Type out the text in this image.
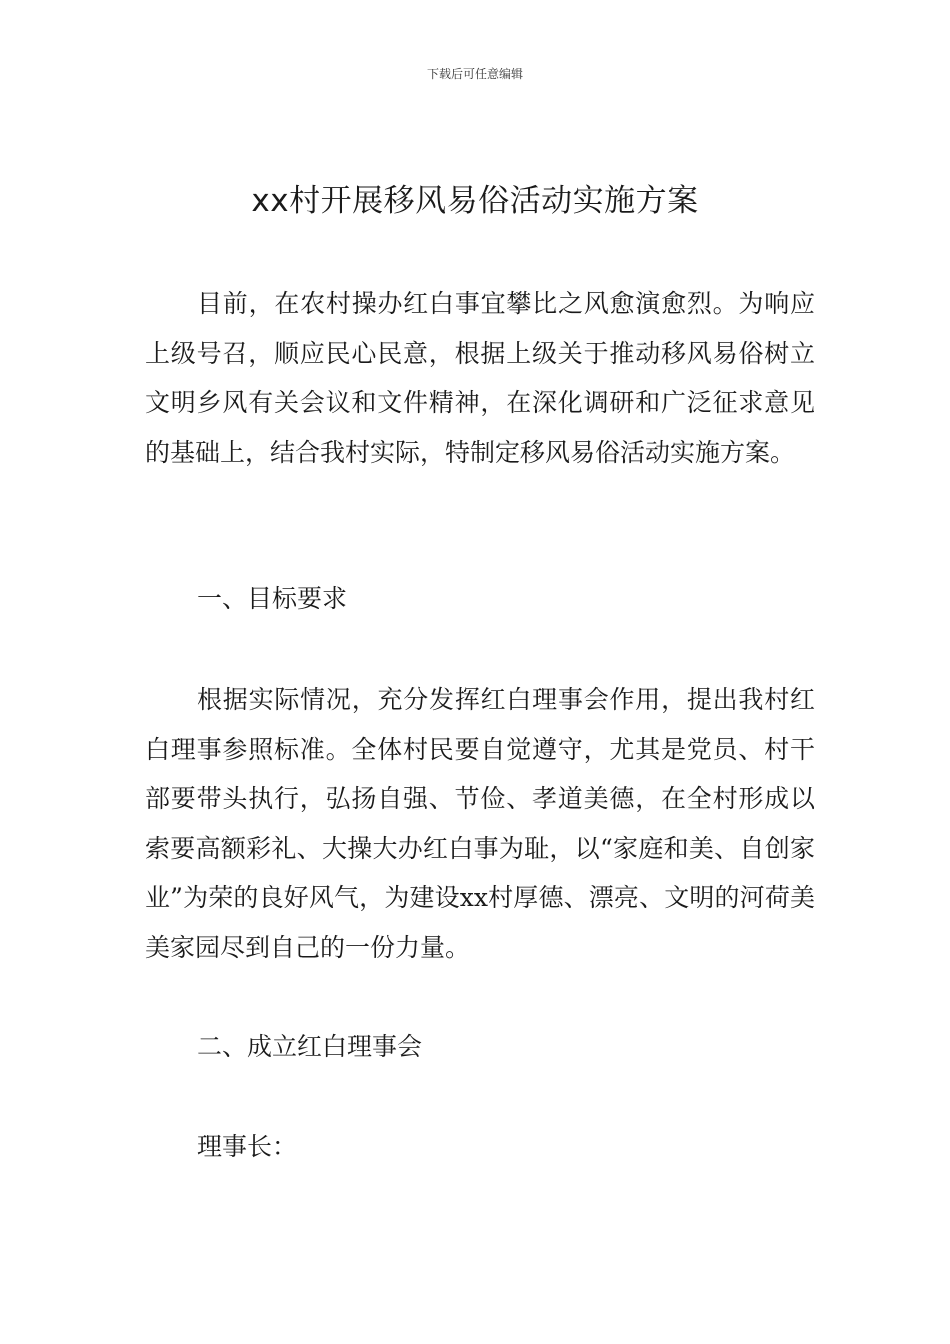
下载后可任意编辑
xx村开展移风易俗活动实施方案

目前，在农村操办红白事宜攀比之风愈演愈烈。为响应上级号召，顺应民心民意，根据上级关于推动移风易俗树立文明乡风有关会议和文件精神，在深化调研和广泛征求意见的基础上，结合我村实际，特制定移风易俗活动实施方案。

一、目标要求

根据实际情况，充分发挥红白理事会作用，提出我村红白理事参照标准。全体村民要自觉遵守，尤其是党员、村干部要带头执行，弘扬自强、节俭、孝道美德，在全村形成以索要高额彩礼、大操大办红白事为耻，以“家庭和美、自创家业”为荣的良好风气，为建设xx村厚德、漂亮、文明的河荷美美家园尽到自己的一份力量。

二、成立红白理事会

理事长：
